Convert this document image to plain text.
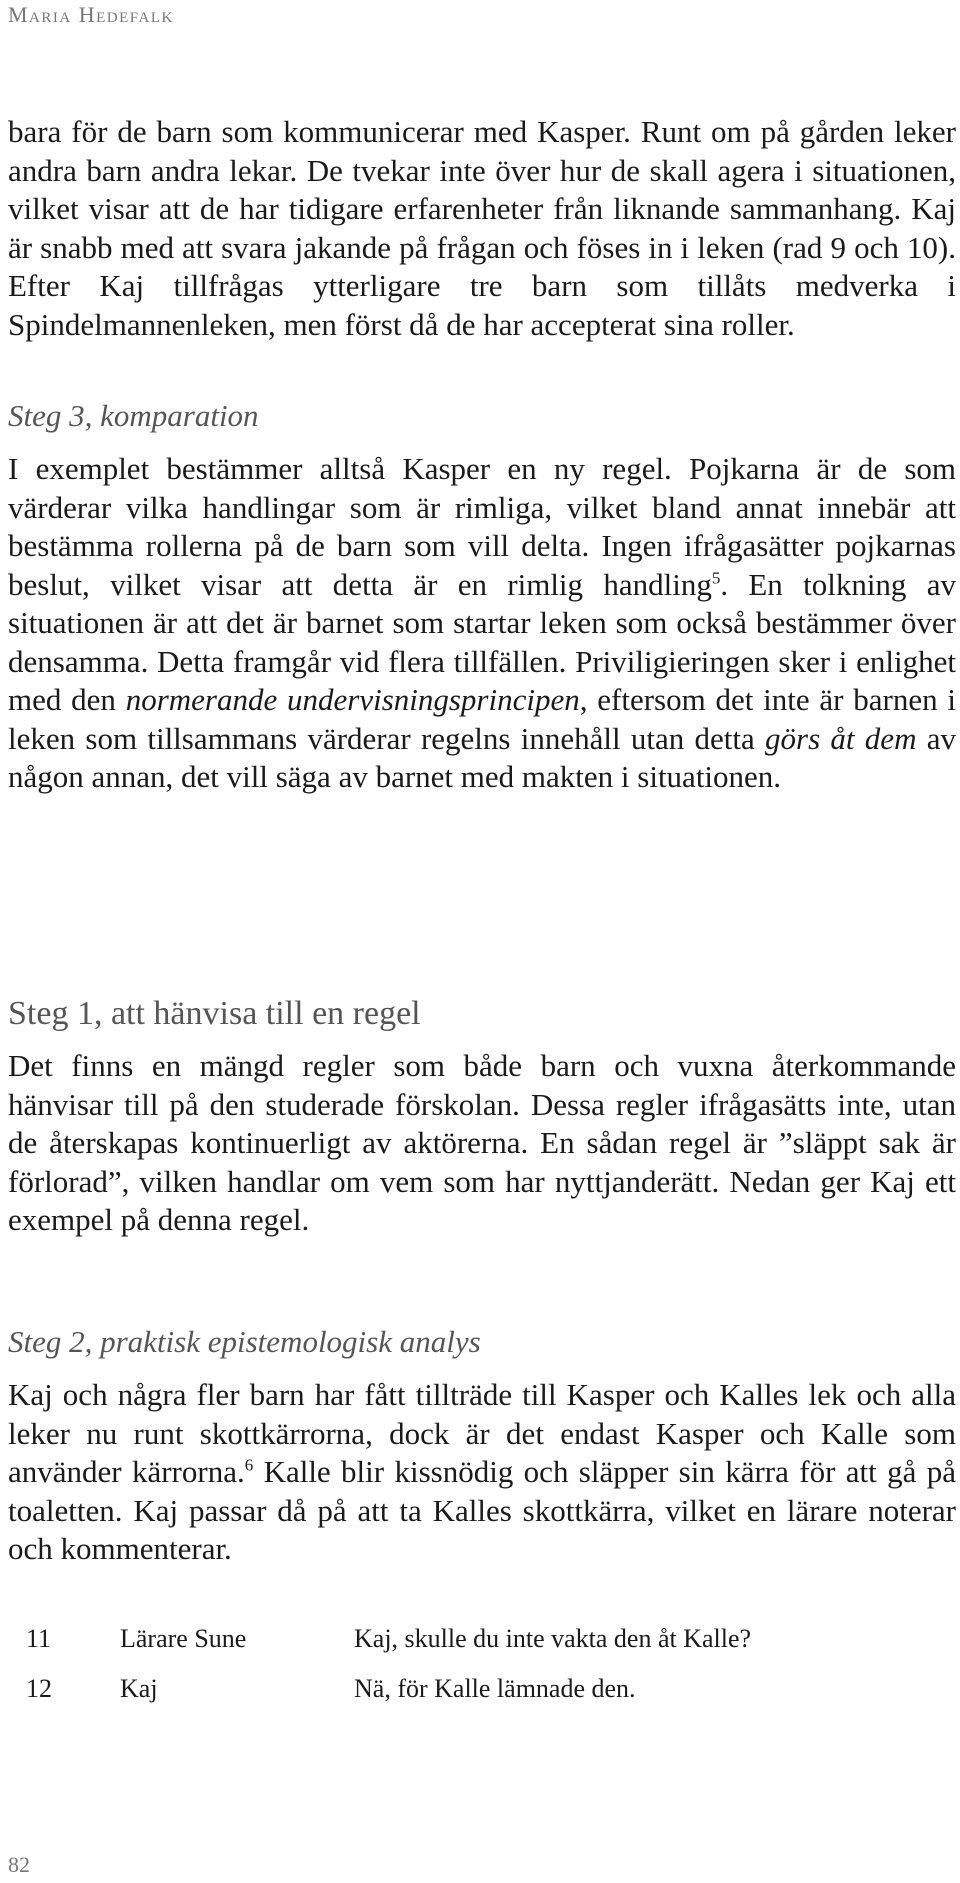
Maria Hedefalk

bara för de barn som kommunicerar med Kasper. Runt om på gården leker andra barn andra lekar. De tvekar inte över hur de skall agera i situationen, vilket visar att de har tidigare erfarenheter från liknande sammanhang. Kaj är snabb med att svara jakande på frågan och föses in i leken (rad 9 och 10). Efter Kaj tillfrågas ytterligare tre barn som tillåts medverka i Spindelmannenleken, men först då de har accepterat sina roller.

Steg 3, komparation

I exemplet bestämmer alltså Kasper en ny regel. Pojkarna är de som värderar vilka handlingar som är rimliga, vilket bland annat innebär att bestämma rollerna på de barn som vill delta. Ingen ifrågasätter pojkarnas beslut, vilket visar att detta är en rimlig handling$^5$. En tolkning av situationen är att det är barnet som startar leken som också bestämmer över densamma. Detta framgår vid flera tillfällen. Priviligieringen sker i enlighet med den normerande undervisningsprincipen, eftersom det inte är barnen i leken som tillsammans värderar regelns innehåll utan detta görs åt dem av någon annan, det vill säga av barnet med makten i situationen.

Steg 1, att hänvisa till en regel

Det finns en mängd regler som både barn och vuxna återkommande hänvisar till på den studerade förskolan. Dessa regler ifrågasätts inte, utan de återskapas kontinuerligt av aktörerna. En sådan regel är ”släppt sak är förlorad”, vilken handlar om vem som har nyttjanderätt. Nedan ger Kaj ett exempel på denna regel.

Steg 2, praktisk epistemologisk analys

Kaj och några fler barn har fått tillträde till Kasper och Kalles lek och alla leker nu runt skottkärrorna, dock är det endast Kasper och Kalle som använder kärrorna.$^6$ Kalle blir kissnödig och släpper sin kärra för att gå på toaletten. Kaj passar då på att ta Kalles skottkärra, vilket en lärare noterar och kommenterar.

11	Lärare Sune	Kaj, skulle du inte vakta den åt Kalle?
12	Kaj	Nä, för Kalle lämnade den.
82
